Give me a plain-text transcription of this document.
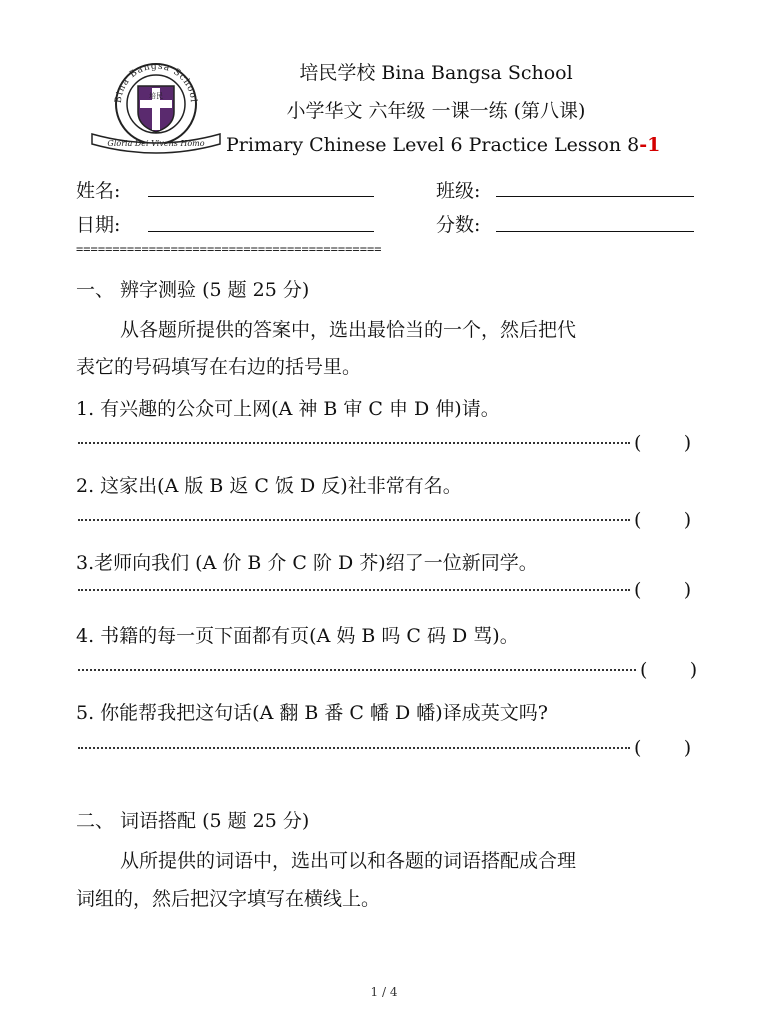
Bina Bangsa School
培民
Gloria Dei Vivens Homo
培民学校 Bina Bangsa School
小学华文 六年级 一课一练 (第八课)
Primary Chinese Level 6 Practice Lesson 8-1
姓名:	班级:
日期:	分数:
==========================================
一、 辨字测验 (5 题 25 分)
从各题所提供的答案中，选出最恰当的一个，然后把代
表它的号码填写在右边的括号里。
1. 有兴趣的公众可上网(A 神 B 审 C 申 D 伸)请。
(       )
2. 这家出(A 版 B 返 C 饭 D 反)社非常有名。
(       )
3.老师向我们 (A 价 B 介 C 阶 D 芥)绍了一位新同学。
(       )
4. 书籍的每一页下面都有页(A 妈 B 吗 C 码 D 骂)。
(       )
5. 你能帮我把这句话(A 翻 B 番 C 幡 D 幡)译成英文吗?
(       )
二、 词语搭配 (5 题 25 分)
从所提供的词语中，选出可以和各题的词语搭配成合理
词组的，然后把汉字填写在横线上。
1 / 4
